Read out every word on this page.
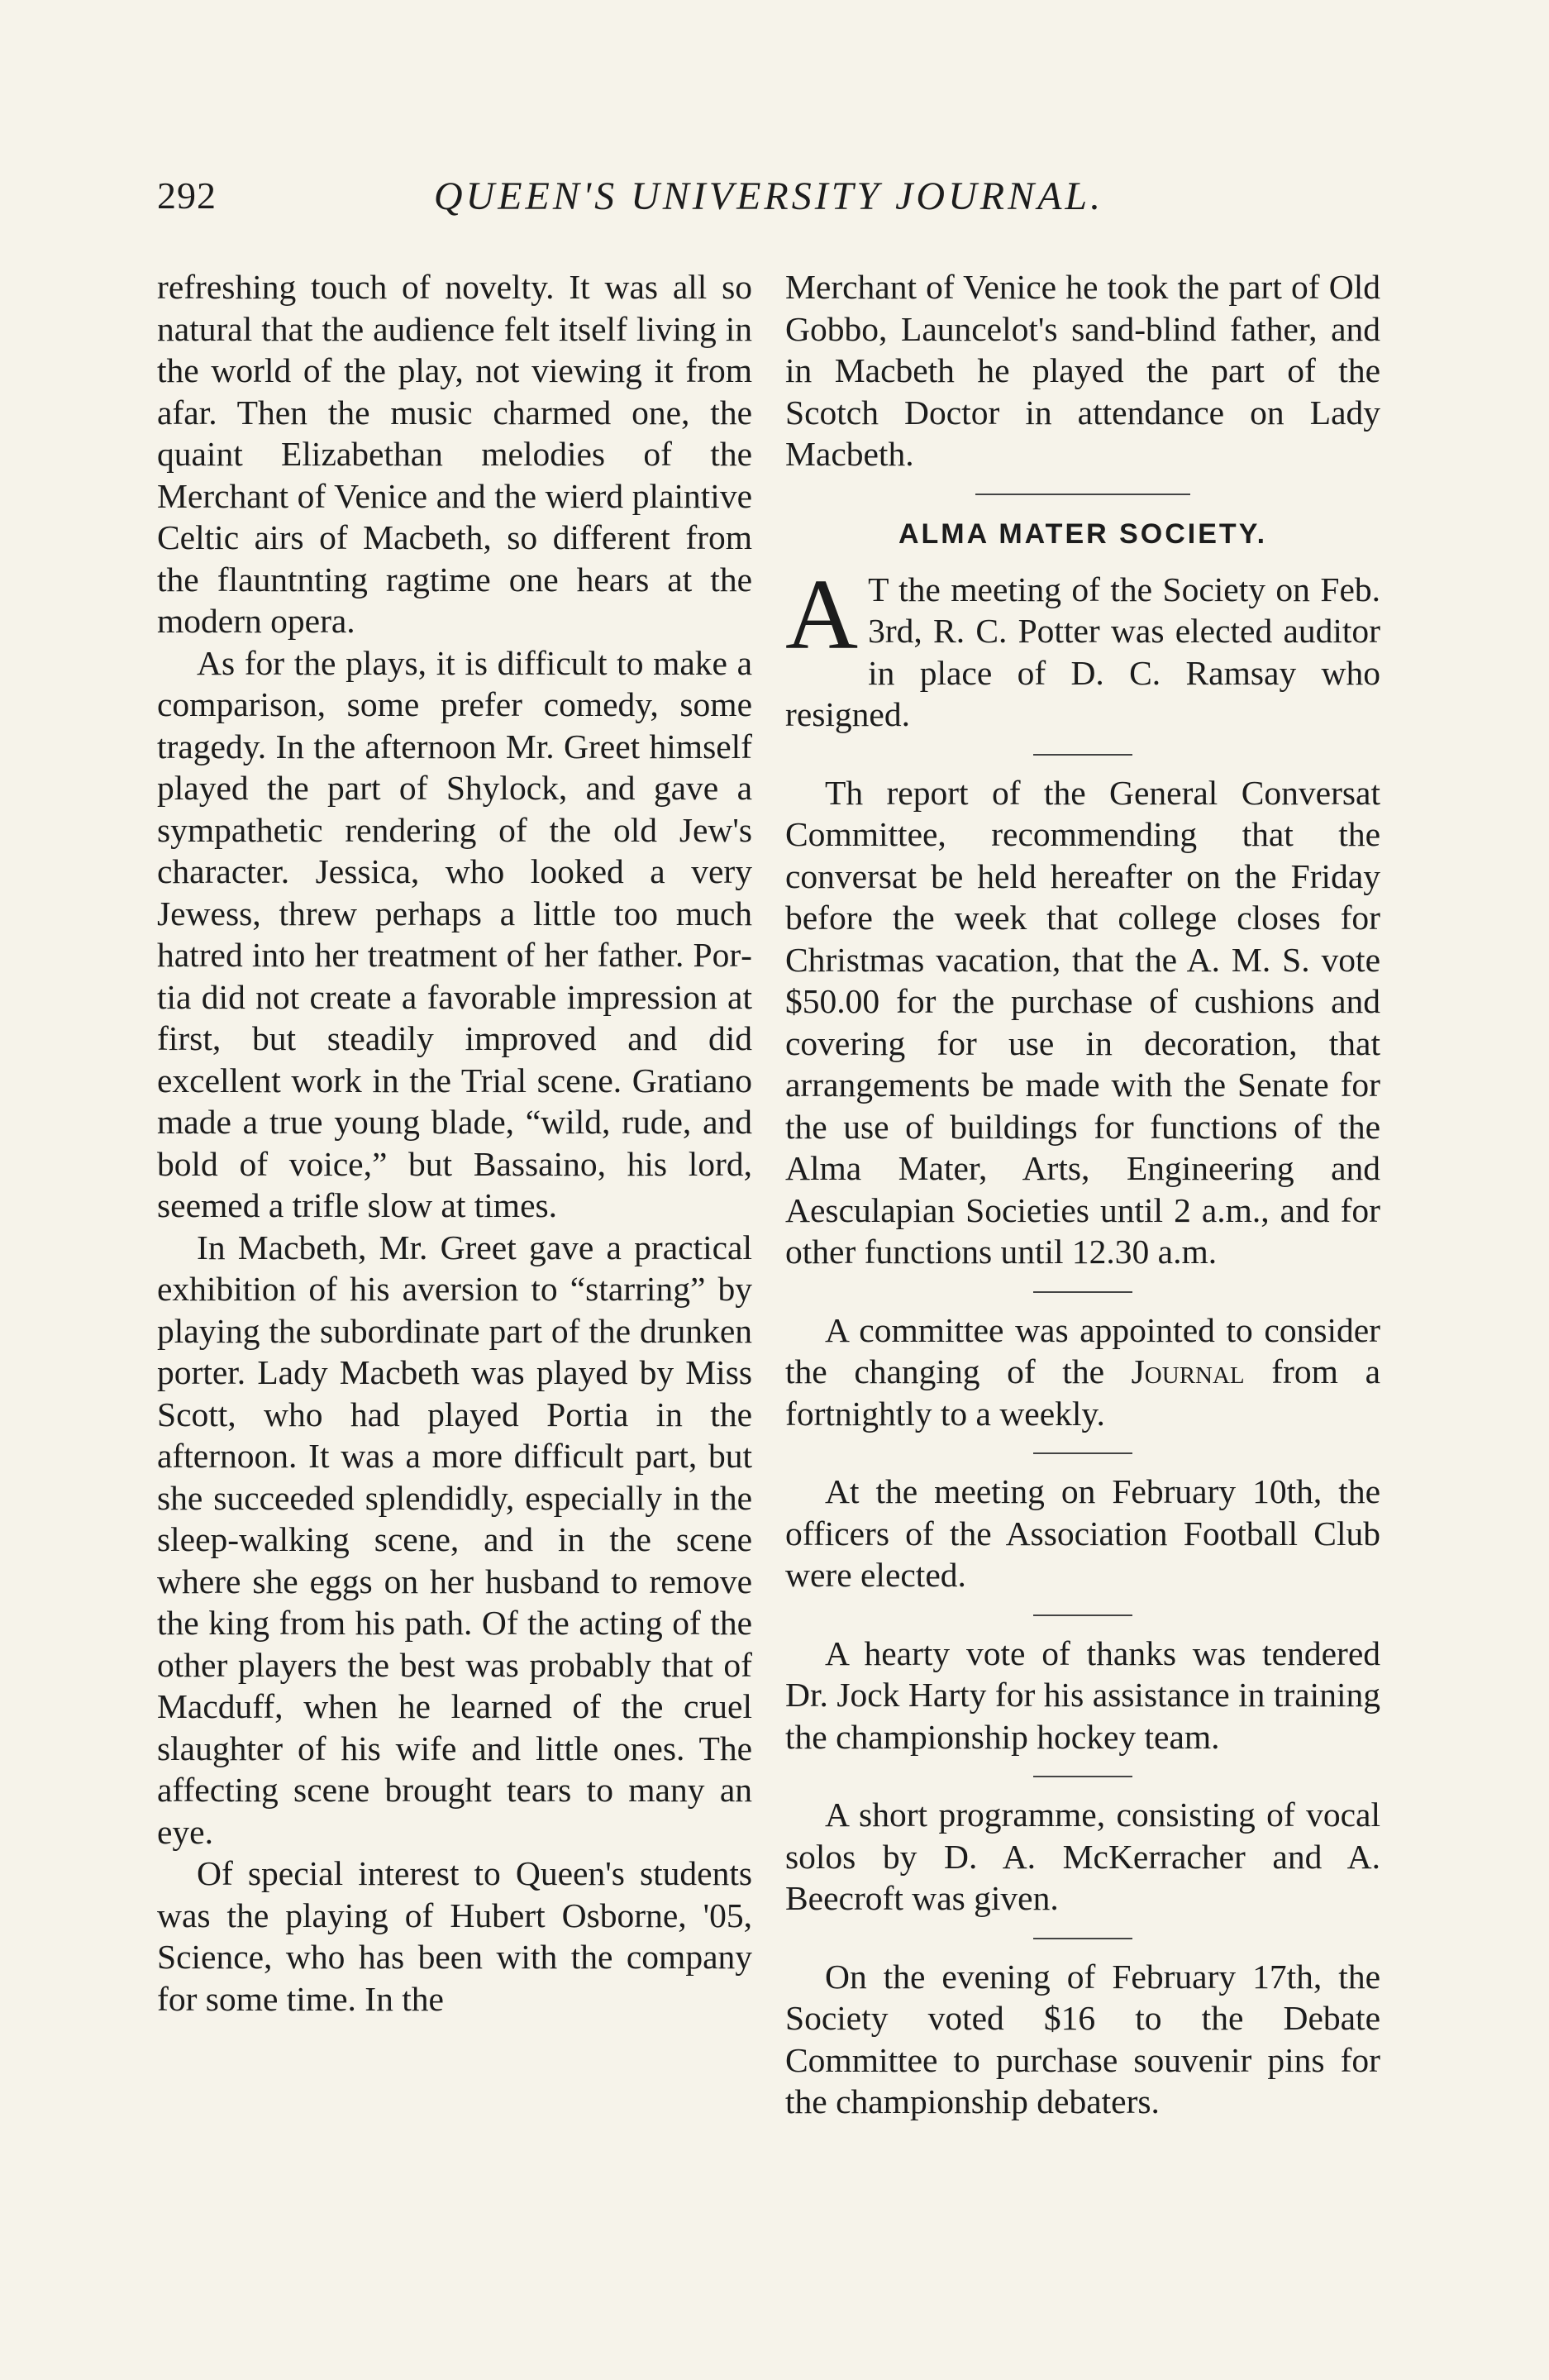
292	QUEEN'S UNIVERSITY JOURNAL.

refreshing touch of novelty. It was all so natural that the audience felt itself living in the world of the play, not viewing it from afar. Then the music charmed one, the quaint Elizabethan melodies of the Merchant of Venice and the wierd plaintive Celtic airs of Macbeth, so different from the flauntnting ragtime one hears at the modern opera.

As for the plays, it is difficult to make a comparison, some prefer comedy, some tragedy. In the afternoon Mr. Greet himself played the part of Shylock, and gave a sympathetic rendering of the old Jew's character. Jessica, who looked a very Jewess, threw perhaps a little too much hatred into her treatment of her father. Portia did not create a favorable impression at first, but steadily improved and did excellent work in the Trial scene. Gratiano made a true young blade, “wild, rude, and bold of voice,” but Bassaino, his lord, seemed a trifle slow at times.

In Macbeth, Mr. Greet gave a practical exhibition of his aversion to “starring” by playing the subordinate part of the drunken porter. Lady Macbeth was played by Miss Scott, who had played Portia in the afternoon. It was a more difficult part, but she succeeded splendidly, especially in the sleep-walking scene, and in the scene where she eggs on her husband to remove the king from his path. Of the acting of the other players the best was probably that of Macduff, when he learned of the cruel slaughter of his wife and little ones. The affecting scene brought tears to many an eye.

Of special interest to Queen's students was the playing of Hubert Osborne, '05, Science, who has been with the company for some time. In the

Merchant of Venice he took the part of Old Gobbo, Launcelot's sand-blind father, and in Macbeth he played the part of the Scotch Doctor in attendance on Lady Macbeth.

ALMA MATER SOCIETY.

A T the meeting of the Society on Feb. 3rd, R. C. Potter was elected auditor in place of D. C. Ramsay who resigned.

Th report of the General Conversat Committee, recommending that the conversat be held hereafter on the Friday before the week that college closes for Christmas vacation, that the A. M. S. vote $50.00 for the purchase of cushions and covering for use in decoration, that arrangements be made with the Senate for the use of buildings for functions of the Alma Mater, Arts, Engineering and Aesculapian Societies until 2 a.m., and for other functions until 12.30 a.m.

A committee was appointed to consider the changing of the Journal from a fortnightly to a weekly.

At the meeting on February 10th, the officers of the Association Football Club were elected.

A hearty vote of thanks was tendered Dr. Jock Harty for his assistance in training the championship hockey team.

A short programme, consisting of vocal solos by D. A. McKerracher and A. Beecroft was given.

On the evening of February 17th, the Society voted $16 to the Debate Committee to purchase souvenir pins for the championship debaters.
